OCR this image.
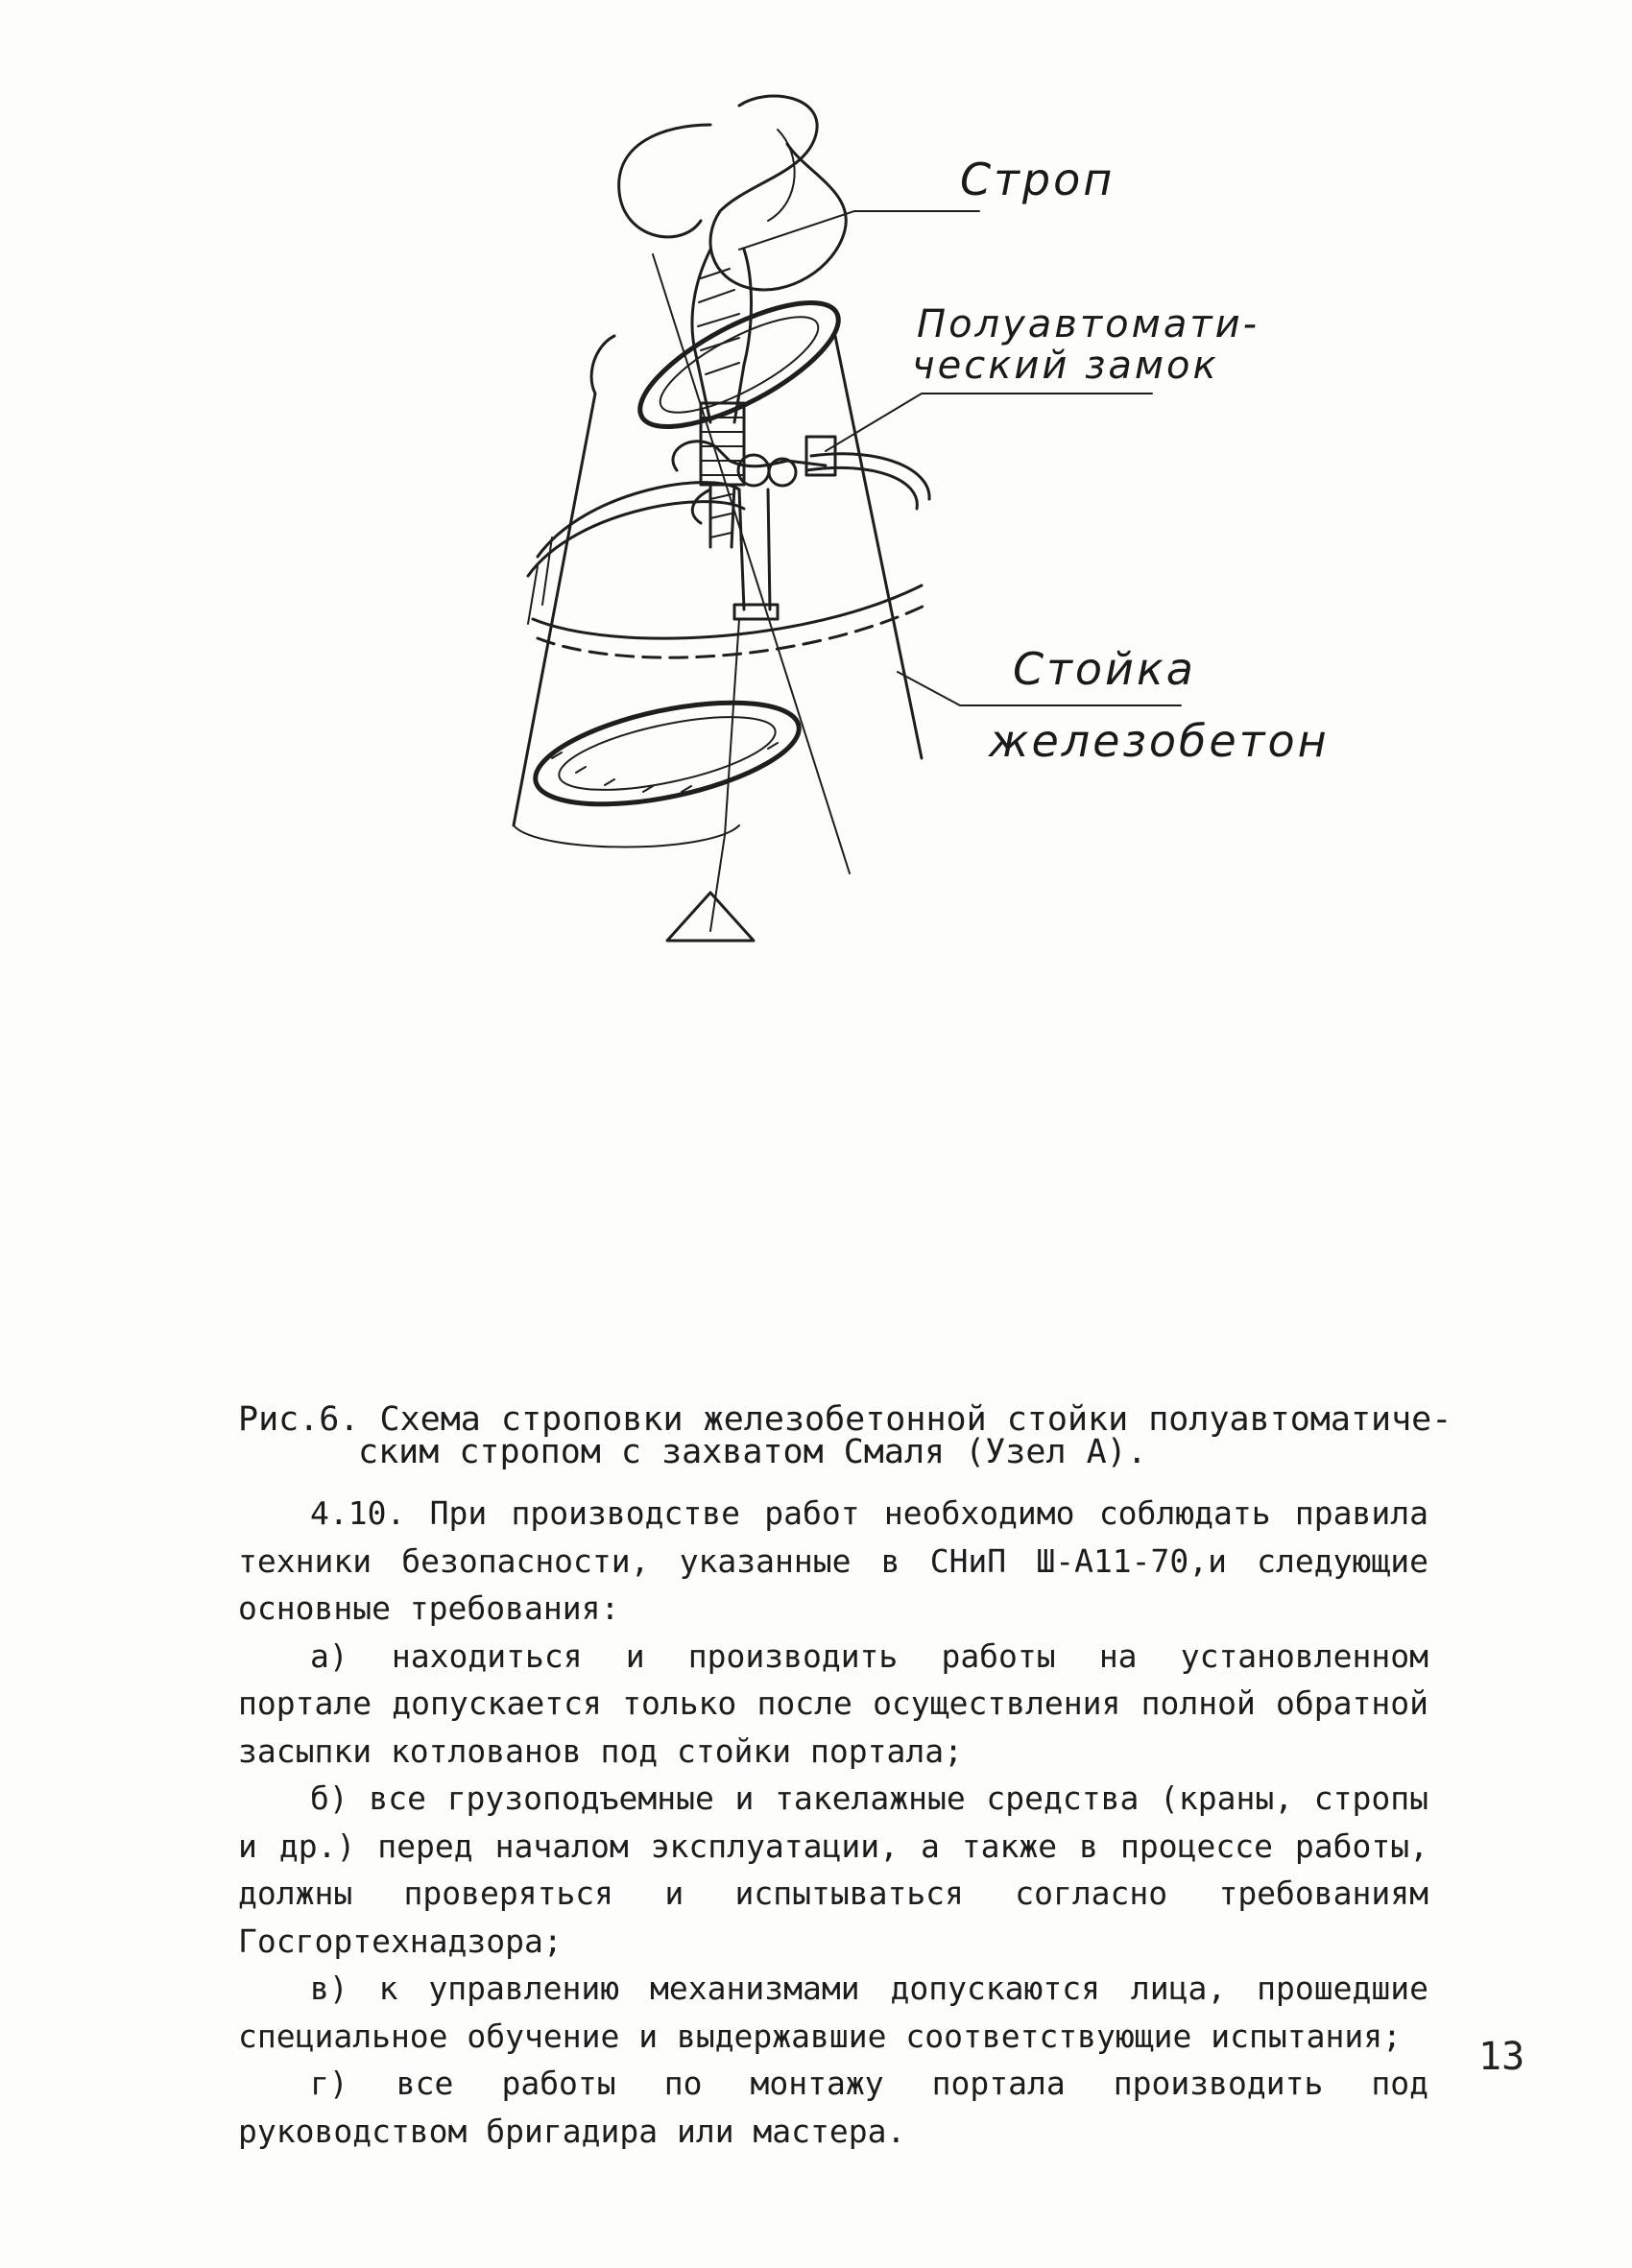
Строп
Полуавтомати-
ческий замок
Стойка
железобетон
Рис.6. Схема строповки железобетонной стойки полуавтоматиче-
ским стропом с захватом Смаля (Узел А).

4.10. При производстве работ необходимо соблюдать правила техники безопасности, указанные в СНиП Ш-А11-70,и следующие основные требования:

а) находиться и производить работы на установленном портале допускается только после осуществления полной обратной засыпки котлованов под стойки портала;

б) все грузоподъемные и такелажные средства (краны, стропы и др.) перед началом эксплуатации, а также в процессе работы, должны проверяться и испытываться согласно требованиям Госгортехнадзора;

в) к управлению механизмами допускаются лица, прошедшие специальное обучение и выдержавшие соответствующие испытания;

г) все работы по монтажу портала производить под руководством бригадира или мастера.

13
